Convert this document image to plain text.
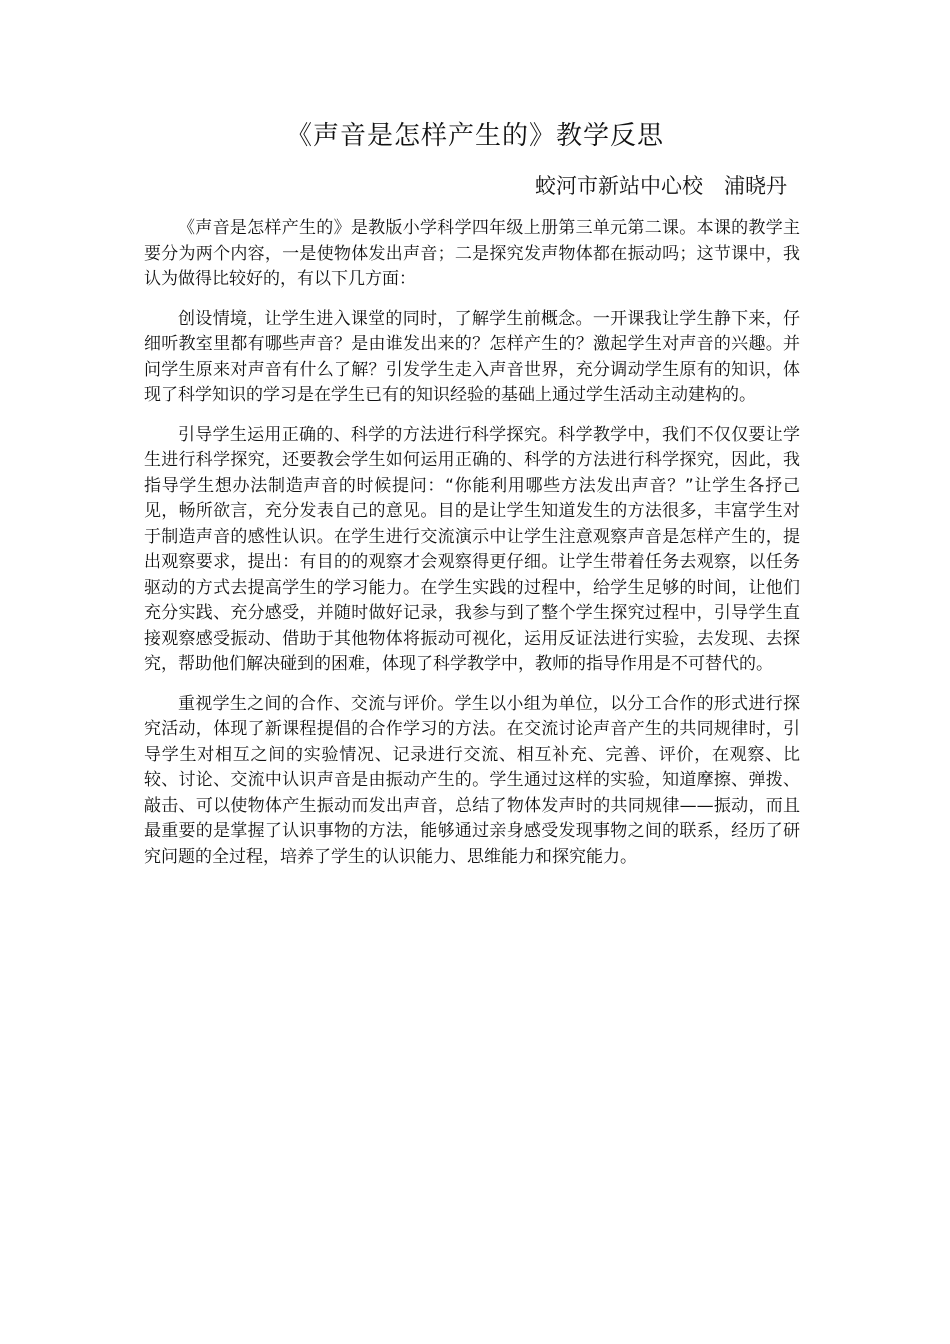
《声音是怎样产生的》教学反思
蛟河市新站中心校　浦晓丹

《声音是怎样产生的》是教版小学科学四年级上册第三单元第二课。本课的教学主要分为两个内容，一是使物体发出声音；二是探究发声物体都在振动吗；这节课中，我认为做得比较好的，有以下几方面：

创设情境，让学生进入课堂的同时，了解学生前概念。一开课我让学生静下来，仔细听教室里都有哪些声音？是由谁发出来的？怎样产生的？激起学生对声音的兴趣。并问学生原来对声音有什么了解？引发学生走入声音世界，充分调动学生原有的知识，体现了科学知识的学习是在学生已有的知识经验的基础上通过学生活动主动建构的。

引导学生运用正确的、科学的方法进行科学探究。科学教学中，我们不仅仅要让学生进行科学探究，还要教会学生如何运用正确的、科学的方法进行科学探究，因此，我指导学生想办法制造声音的时候提问：“你能利用哪些方法发出声音？”让学生各抒己见，畅所欲言，充分发表自己的意见。目的是让学生知道发生的方法很多，丰富学生对于制造声音的感性认识。在学生进行交流演示中让学生注意观察声音是怎样产生的，提出观察要求，提出：有目的的观察才会观察得更仔细。让学生带着任务去观察，以任务驱动的方式去提高学生的学习能力。在学生实践的过程中，给学生足够的时间，让他们充分实践、充分感受，并随时做好记录，我参与到了整个学生探究过程中，引导学生直接观察感受振动、借助于其他物体将振动可视化，运用反证法进行实验，去发现、去探究，帮助他们解决碰到的困难，体现了科学教学中，教师的指导作用是不可替代的。

重视学生之间的合作、交流与评价。学生以小组为单位，以分工合作的形式进行探究活动，体现了新课程提倡的合作学习的方法。在交流讨论声音产生的共同规律时，引导学生对相互之间的实验情况、记录进行交流、相互补充、完善、评价，在观察、比较、讨论、交流中认识声音是由振动产生的。学生通过这样的实验，知道摩擦、弹拨、敲击、可以使物体产生振动而发出声音，总结了物体发声时的共同规律——振动，而且最重要的是掌握了认识事物的方法，能够通过亲身感受发现事物之间的联系，经历了研究问题的全过程，培养了学生的认识能力、思维能力和探究能力。
